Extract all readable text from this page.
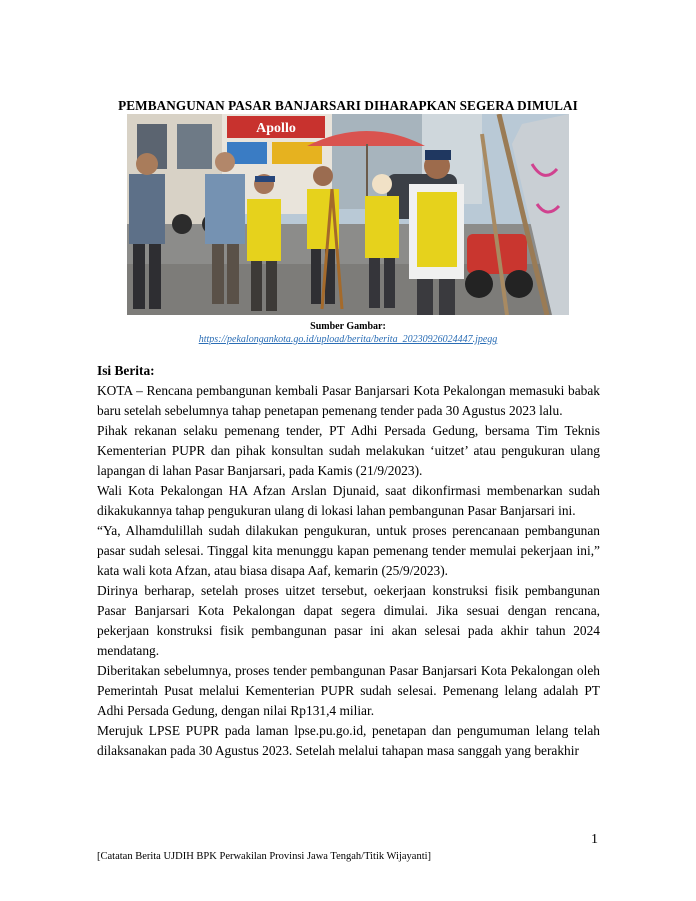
PEMBANGUNAN PASAR BANJARSARI DIHARAPKAN SEGERA DIMULAI
Apollo
Sumber Gambar:
https://pekalongankota.go.id/upload/berita/berita_20230926024447.jpegg
Isi Berita:

KOTA – Rencana pembangunan kembali Pasar Banjarsari Kota Pekalongan memasuki babak baru setelah sebelumnya tahap penetapan pemenang tender pada 30 Agustus 2023 lalu.

Pihak rekanan selaku pemenang tender, PT Adhi Persada Gedung, bersama Tim Teknis Kementerian PUPR dan pihak konsultan sudah melakukan ‘uitzet’ atau pengukuran ulang lapangan di lahan Pasar Banjarsari, pada Kamis (21/9/2023).

Wali Kota Pekalongan HA Afzan Arslan Djunaid, saat dikonfirmasi membenarkan sudah dikakukannya tahap pengukuran ulang di lokasi lahan pembangunan Pasar Banjarsari ini.

“Ya, Alhamdulillah sudah dilakukan pengukuran, untuk proses perencanaan pembangunan pasar sudah selesai. Tinggal kita menunggu kapan pemenang tender memulai pekerjaan ini,” kata wali kota Afzan, atau biasa disapa Aaf, kemarin (25/9/2023).

Dirinya berharap, setelah proses uitzet tersebut, oekerjaan konstruksi fisik pembangunan Pasar Banjarsari Kota Pekalongan dapat segera dimulai. Jika sesuai dengan rencana, pekerjaan konstruksi fisik pembangunan pasar ini akan selesai pada akhir tahun 2024 mendatang.

Diberitakan sebelumnya, proses tender pembangunan Pasar Banjarsari Kota Pekalongan oleh Pemerintah Pusat melalui Kementerian PUPR sudah selesai. Pemenang lelang adalah PT Adhi Persada Gedung, dengan nilai Rp131,4 miliar.

Merujuk LPSE PUPR pada laman lpse.pu.go.id, penetapan dan pengumuman lelang telah dilaksanakan pada 30 Agustus 2023. Setelah melalui tahapan masa sanggah yang berakhir

1
[Catatan Berita UJDIH BPK Perwakilan Provinsi Jawa Tengah/Titik Wijayanti]
